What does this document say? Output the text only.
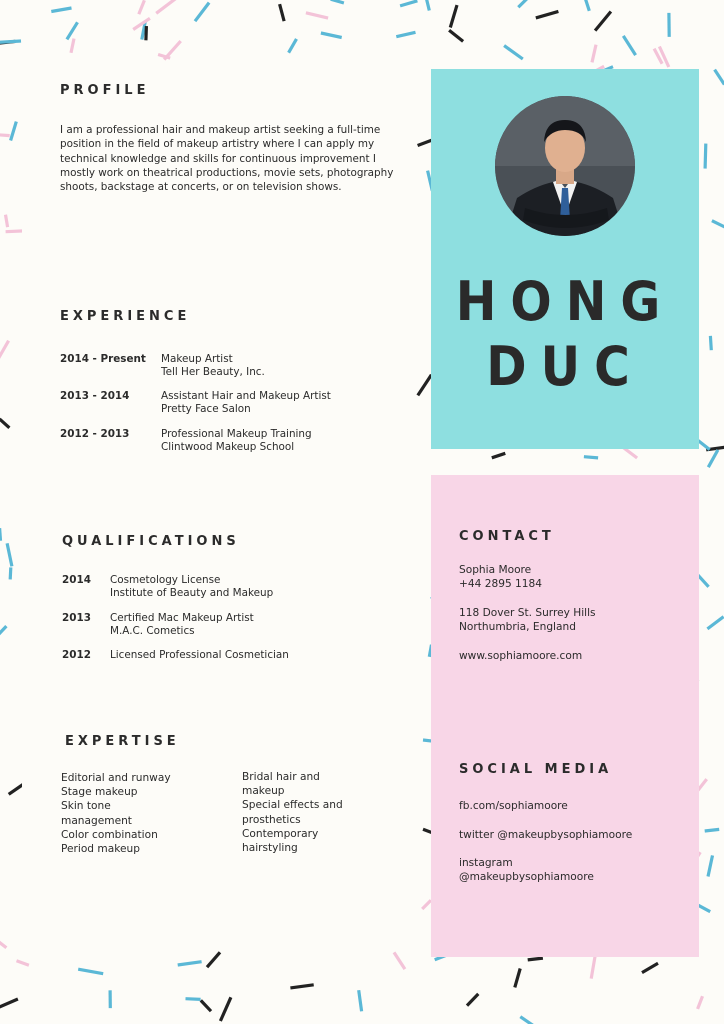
PROFILE
I am a professional hair and makeup artist seeking a full-time position in the field of makeup artistry where I can apply my technical knowledge and skills for continuous improvement I mostly work on theatrical productions, movie sets, photography shoots, backstage at concerts, or on television shows.
EXPERIENCE
2014 - Present Makeup Artist
Tell Her Beauty, Inc.
2013 - 2014	Assistant Hair and Makeup Artist
Pretty Face Salon
2012 - 2013	Professional Makeup Training
Clintwood Makeup School
QUALIFICATIONS
2014 Cosmetology License
Institute of Beauty and Makeup
2013 Certified Mac Makeup Artist
M.A.C. Cometics
2012 Licensed Professional Cosmetician
EXPERTISE
Editorial and runway
Stage makeup
Skin tone
management
Color combination
Period makeup
Bridal hair and
makeup
Special effects and
prosthetics
Contemporary
hairstyling
HONG
DUC
CONTACT
Sophia Moore
+44 2895 1184
118 Dover St. Surrey Hills
Northumbria, England
www.sophiamoore.com
SOCIAL MEDIA
fb.com/sophiamoore
twitter @makeupbysophiamoore
instagram
@makeupbysophiamoore
